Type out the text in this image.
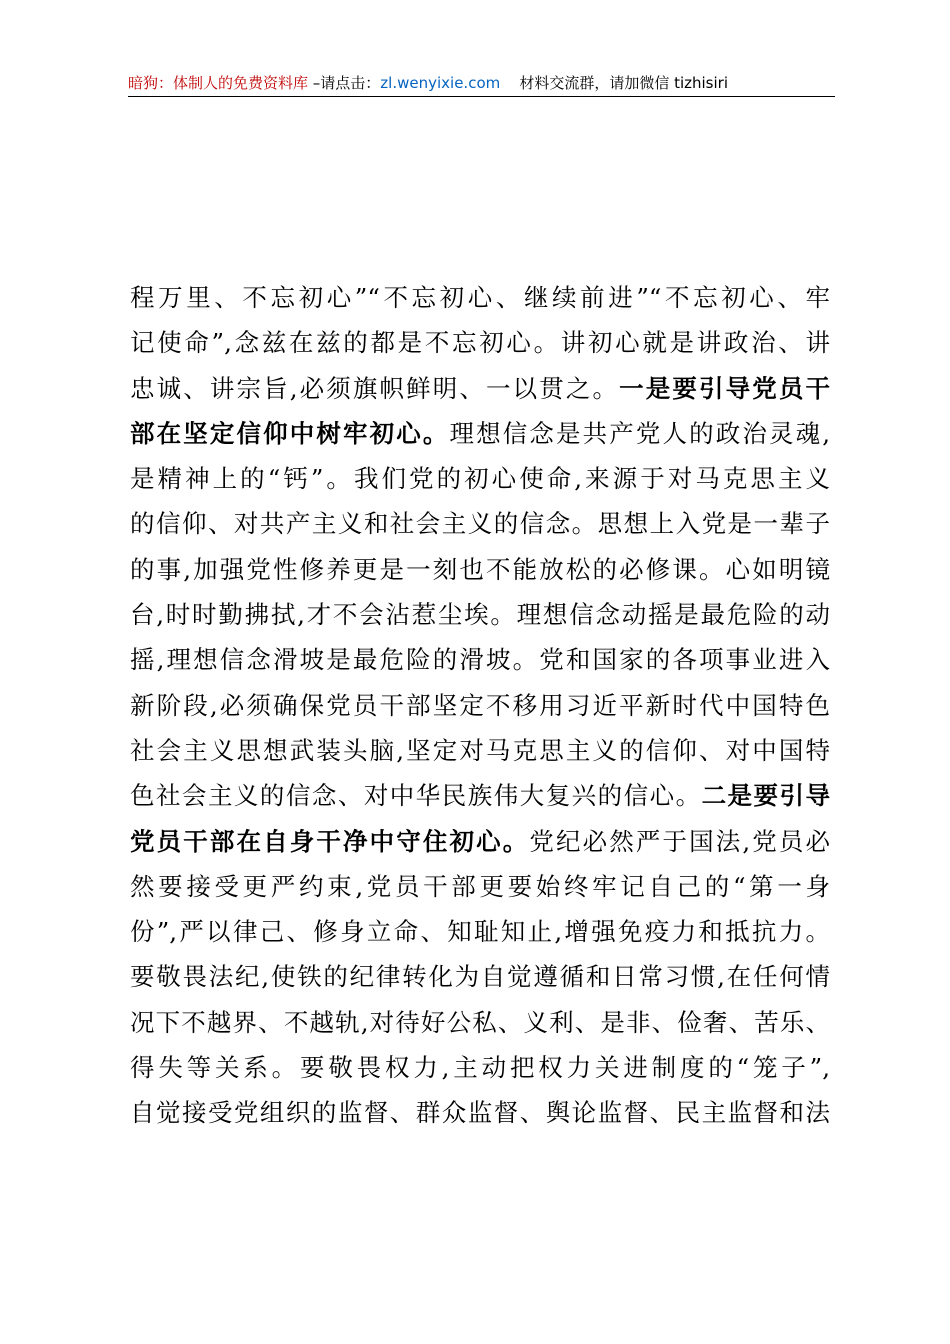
暗狗：体制人的免费资料库 –请点击：zl.wenyixie.com 材料交流群，请加微信 tizhisiri
程万里、不忘初心”“不忘初心、继续前进”“不忘初心、牢
记使命”,念兹在兹的都是不忘初心。讲初心就是讲政治、讲
忠诚、讲宗旨,必须旗帜鲜明、一以贯之。一是要引导党员干
部在坚定信仰中树牢初心。理想信念是共产党人的政治灵魂,
是精神上的“钙”。我们党的初心使命,来源于对马克思主义
的信仰、对共产主义和社会主义的信念。思想上入党是一辈子
的事,加强党性修养更是一刻也不能放松的必修课。心如明镜
台,时时勤拂拭,才不会沾惹尘埃。理想信念动摇是最危险的动
摇,理想信念滑坡是最危险的滑坡。党和国家的各项事业进入
新阶段,必须确保党员干部坚定不移用习近平新时代中国特色
社会主义思想武装头脑,坚定对马克思主义的信仰、对中国特
色社会主义的信念、对中华民族伟大复兴的信心。二是要引导
党员干部在自身干净中守住初心。党纪必然严于国法,党员必
然要接受更严约束,党员干部更要始终牢记自己的“第一身
份”,严以律己、修身立命、知耻知止,增强免疫力和抵抗力。
要敬畏法纪,使铁的纪律转化为自觉遵循和日常习惯,在任何情
况下不越界、不越轨,对待好公私、义利、是非、俭奢、苦乐、
得失等关系。要敬畏权力,主动把权力关进制度的“笼子”,
自觉接受党组织的监督、群众监督、舆论监督、民主监督和法
